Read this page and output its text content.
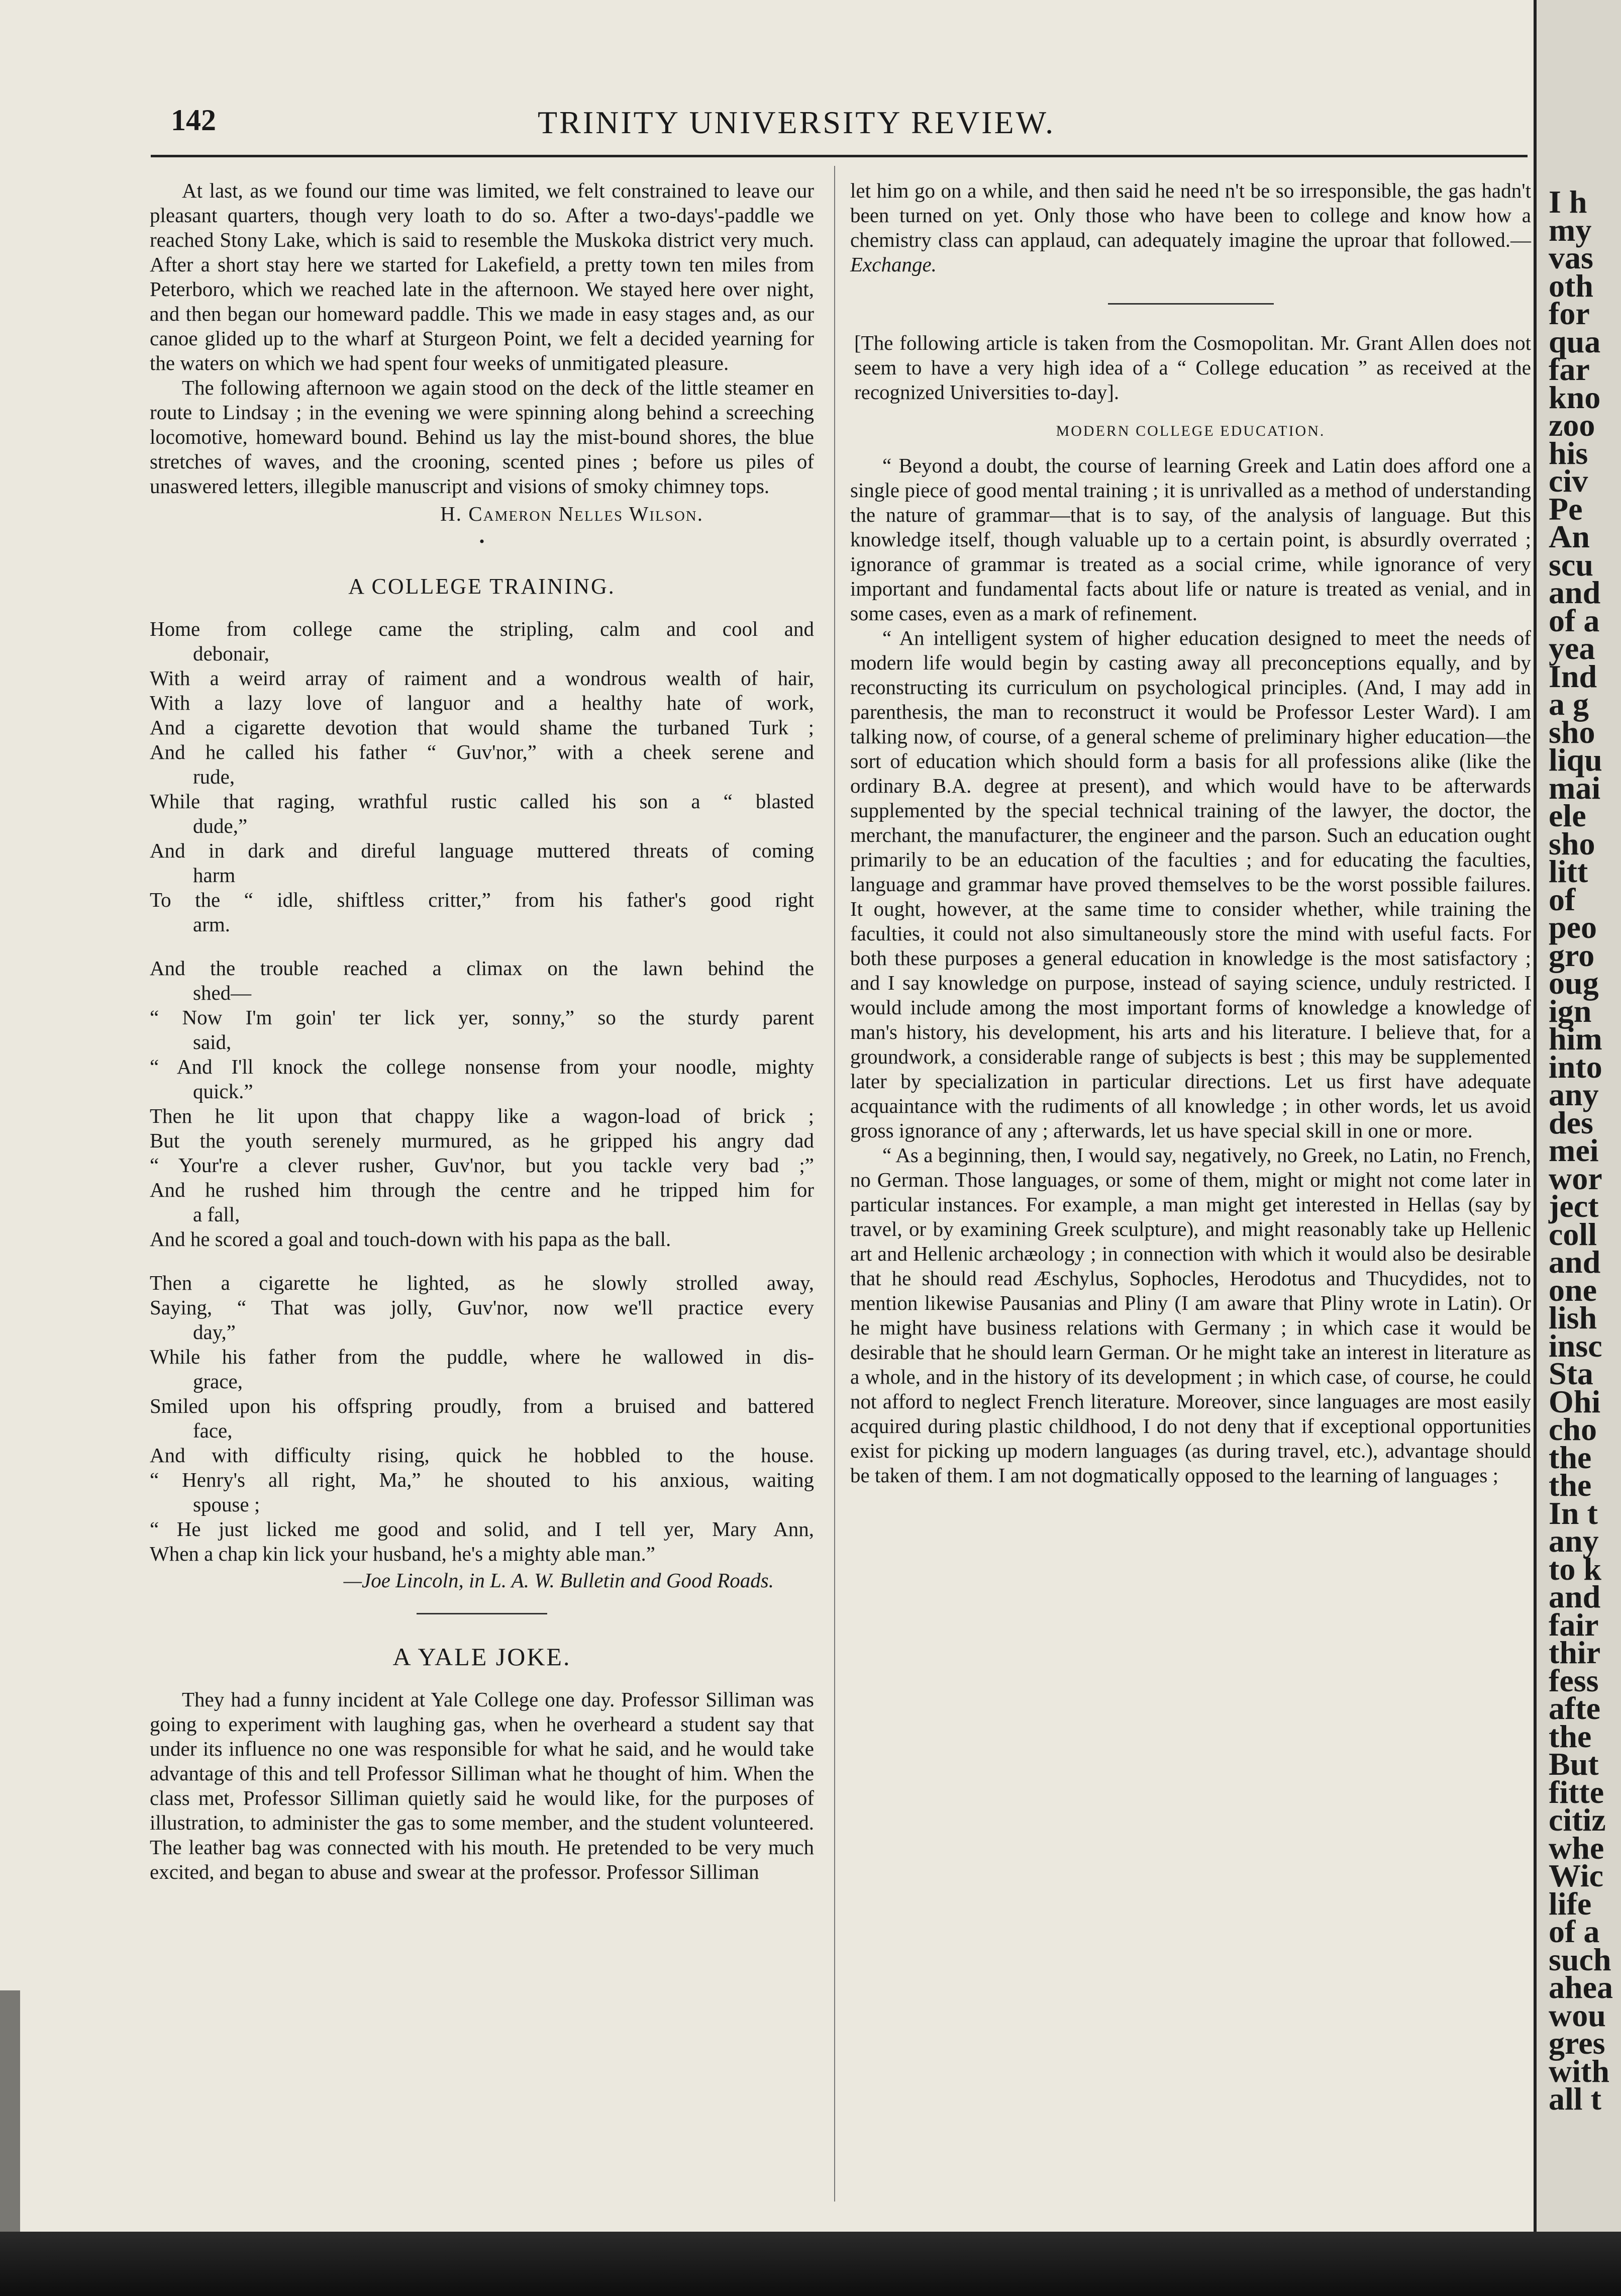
142	TRINITY UNIVERSITY REVIEW.

At last, as we found our time was limited, we felt constrained to leave our pleasant quarters, though very loath to do so. After a two-days'-paddle we reached Stony Lake, which is said to resemble the Muskoka district very much. After a short stay here we started for Lakefield, a pretty town ten miles from Peterboro, which we reached late in the afternoon. We stayed here over night, and then began our homeward paddle. This we made in easy stages and, as our canoe glided up to the wharf at Sturgeon Point, we felt a decided yearning for the waters on which we had spent four weeks of unmitigated pleasure.

The following afternoon we again stood on the deck of the little steamer en route to Lindsay ; in the evening we were spinning along behind a screeching locomotive, homeward bound. Behind us lay the mist-bound shores, the blue stretches of waves, and the crooning, scented pines ; before us piles of unaswered letters, illegible manuscript and visions of smoky chimney tops.

H. Cameron Nelles Wilson.
•
A COLLEGE TRAINING.
Home from college came the stripling, calm and cool and
debonair,
With a weird array of raiment and a wondrous wealth of hair,
With a lazy love of languor and a healthy hate of work,
And a cigarette devotion that would shame the turbaned Turk ;
And he called his father “ Guv'nor,” with a cheek serene and
rude,
While that raging, wrathful rustic called his son a “ blasted
dude,”
And in dark and direful language muttered threats of coming
harm
To the “ idle, shiftless critter,” from his father's good right
arm.
And the trouble reached a climax on the lawn behind the
shed—
“ Now I'm goin' ter lick yer, sonny,” so the sturdy parent
said,
“ And I'll knock the college nonsense from your noodle, mighty
quick.”
Then he lit upon that chappy like a wagon-load of brick ;
But the youth serenely murmured, as he gripped his angry dad
“ Your're a clever rusher, Guv'nor, but you tackle very bad ;”
And he rushed him through the centre and he tripped him for
a fall,
And he scored a goal and touch-down with his papa as the ball.
Then a cigarette he lighted, as he slowly strolled away,
Saying, “ That was jolly, Guv'nor, now we'll practice every
day,”
While his father from the puddle, where he wallowed in dis-
grace,
Smiled upon his offspring proudly, from a bruised and battered
face,
And with difficulty rising, quick he hobbled to the house.
“ Henry's all right, Ma,” he shouted to his anxious, waiting
spouse ;
“ He just licked me good and solid, and I tell yer, Mary Ann,
When a chap kin lick your husband, he's a mighty able man.”
—Joe Lincoln, in L. A. W. Bulletin and Good Roads.
A YALE JOKE.

They had a funny incident at Yale College one day. Professor Silliman was going to experiment with laughing gas, when he overheard a student say that under its influence no one was responsible for what he said, and he would take advantage of this and tell Professor Silliman what he thought of him. When the class met, Professor Silliman quietly said he would like, for the purposes of illustration, to administer the gas to some member, and the student volunteered. The leather bag was connected with his mouth. He pretended to be very much excited, and began to abuse and swear at the professor. Professor Silliman

let him go on a while, and then said he need n't be so irresponsible, the gas hadn't been turned on yet. Only those who have been to college and know how a chemistry class can applaud, can adequately imagine the uproar that followed.—Exchange.

[The following article is taken from the Cosmopolitan. Mr. Grant Allen does not seem to have a very high idea of a “ College education ” as received at the recognized Universities to-day].

MODERN COLLEGE EDUCATION.

“ Beyond a doubt, the course of learning Greek and Latin does afford one a single piece of good mental training ; it is unrivalled as a method of understanding the nature of grammar—that is to say, of the analysis of language. But this knowledge itself, though valuable up to a certain point, is absurdly overrated ; ignorance of grammar is treated as a social crime, while ignorance of very important and fundamental facts about life or nature is treated as venial, and in some cases, even as a mark of refinement.

“ An intelligent system of higher education designed to meet the needs of modern life would begin by casting away all preconceptions equally, and by reconstructing its curriculum on psychological principles. (And, I may add in parenthesis, the man to reconstruct it would be Professor Lester Ward). I am talking now, of course, of a general scheme of preliminary higher education—the sort of education which should form a basis for all professions alike (like the ordinary B.A. degree at present), and which would have to be afterwards supplemented by the special technical training of the lawyer, the doctor, the merchant, the manufacturer, the engineer and the parson. Such an education ought primarily to be an education of the faculties ; and for educating the faculties, language and grammar have proved themselves to be the worst possible failures. It ought, however, at the same time to consider whether, while training the faculties, it could not also simultaneously store the mind with useful facts. For both these purposes a general education in knowledge is the most satisfactory ; and I say knowledge on purpose, instead of saying science, unduly restricted. I would include among the most important forms of knowledge a knowledge of man's history, his development, his arts and his literature. I believe that, for a groundwork, a considerable range of subjects is best ; this may be supplemented later by specialization in particular directions. Let us first have adequate acquaintance with the rudiments of all knowledge ; in other words, let us avoid gross ignorance of any ; afterwards, let us have special skill in one or more.

“ As a beginning, then, I would say, negatively, no Greek, no Latin, no French, no German. Those languages, or some of them, might or might not come later in particular instances. For example, a man might get interested in Hellas (say by travel, or by examining Greek sculpture), and might reasonably take up Hellenic art and Hellenic archæology ; in connection with which it would also be desirable that he should read Æschylus, Sophocles, Herodotus and Thucydides, not to mention likewise Pausanias and Pliny (I am aware that Pliny wrote in Latin). Or he might have business relations with Germany ; in which case it would be desirable that he should learn German. Or he might take an interest in literature as a whole, and in the history of its development ; in which case, of course, he could not afford to neglect French literature. Moreover, since languages are most easily acquired during plastic childhood, I do not deny that if exceptional opportunities exist for picking up modern languages (as during travel, etc.), advantage should be taken of them. I am not dogmatically opposed to the learning of languages ;

I h
my
vas
oth
for
qua
far
kno
zoo
his
civ
Pe
An
scu
and
of a
yea
Ind
a g
sho
liqu
mai
ele
sho
litt
of
peo
gro
oug
ign
him
into
any
des
mei
wor
ject
coll
and
one
lish
insc
Sta
Ohi
cho
the
the
In t
any
to k
and
fair
thir
fess
afte
the
But
fitte
citiz
whe
Wic
life
of a
such
ahea
wou
gres
with
all t
